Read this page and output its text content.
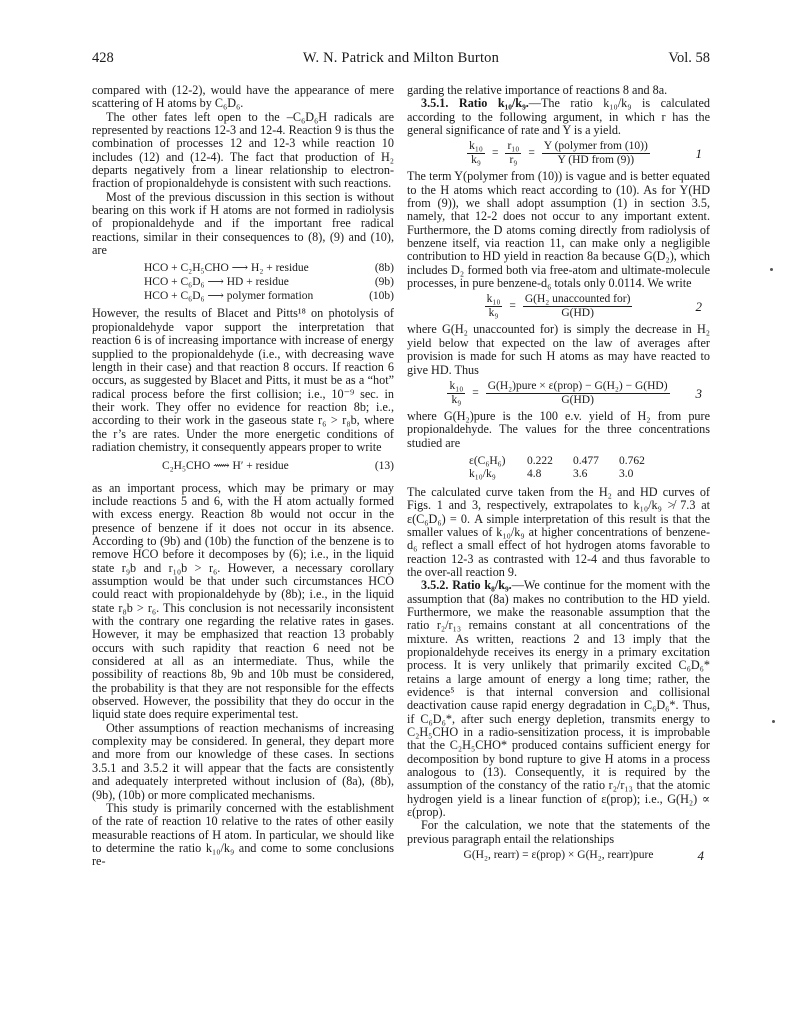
428	W. N. Patrick and Milton Burton	Vol. 58

compared with (12-2), would have the appearance of mere scattering of H atoms by C₆D₆.

The other fates left open to the –C₆D₆H radicals are represented by reactions 12-3 and 12-4. Reaction 9 is thus the combination of processes 12 and 12-3 while reaction 10 includes (12) and (12-4). The fact that production of H₂ departs negatively from a linear relationship to electron-fraction of propionaldehyde is consistent with such reactions.

Most of the previous discussion in this section is without bearing on this work if H atoms are not formed in radiolysis of propionaldehyde and if the important free radical reactions, similar in their consequences to (8), (9) and (10), are

HCO + C₂H₅CHO ⟶ H₂ + residue	(8b)
HCO + C₆D₆ ⟶ HD + residue	(9b)
HCO + C₆D₆ ⟶ polymer formation	(10b)

However, the results of Blacet and Pitts¹⁸ on photolysis of propionaldehyde vapor support the interpretation that reaction 6 is of increasing importance with increase of energy supplied to the propionaldehyde (i.e., with decreasing wave length in their case) and that reaction 8 occurs. If reaction 6 occurs, as suggested by Blacet and Pitts, it must be as a “hot” radical process before the first collision; i.e., 10⁻⁹ sec. in their work. They offer no evidence for reaction 8b; i.e., according to their work in the gaseous state r₆ > r₈b, where the r’s are rates. Under the more energetic conditions of radiation chemistry, it consequently appears proper to write

C₂H₅CHO ⟿ H′ + residue	(13)

as an important process, which may be primary or may include reactions 5 and 6, with the H atom actually formed with excess energy. Reaction 8b would not occur in the presence of benzene if it does not occur in its absence. According to (9b) and (10b) the function of the benzene is to remove HCO before it decomposes by (6); i.e., in the liquid state r₉b and r₁₀b > r₆. However, a necessary corollary assumption would be that under such circumstances HCO could react with propionaldehyde by (8b); i.e., in the liquid state r₈b > r₆. This conclusion is not necessarily inconsistent with the contrary one regarding the relative rates in gases. However, it may be emphasized that reaction 13 probably occurs with such rapidity that reaction 6 need not be considered at all as an intermediate. Thus, while the possibility of reactions 8b, 9b and 10b must be considered, the probability is that they are not responsible for the effects observed. However, the possibility that they do occur in the liquid state does require experimental test.

Other assumptions of reaction mechanisms of increasing complexity may be considered. In general, they depart more and more from our knowledge of these cases. In sections 3.5.1 and 3.5.2 it will appear that the facts are consistently and adequately interpreted without inclusion of (8a), (8b), (9b), (10b) or more complicated mechanisms.

This study is primarily concerned with the establishment of the rate of reaction 10 relative to the rates of other easily measurable reactions of H atom. In particular, we should like to determine the ratio k₁₀/k₉ and come to some conclusions re-

garding the relative importance of reactions 8 and 8a.

3.5.1. Ratio k₁₀/k₉.—The ratio k₁₀/k₉ is calculated according to the following argument, in which r has the general significance of rate and Y is a yield.

$\frac{\text{k₁₀}}{\text{k₉}} = \frac{\text{r₁₀}}{\text{r₉}} = \frac{\text{Y (polymer from (10))}}{\text{Y (HD from (9))}}$	1

The term Y(polymer from (10)) is vague and is better equated to the H atoms which react according to (10). As for Y(HD from (9)), we shall adopt assumption (1) in section 3.5, namely, that 12-2 does not occur to any important extent. Furthermore, the D atoms coming directly from radiolysis of benzene itself, via reaction 11, can make only a negligible contribution to HD yield in reaction 8a because G(D₂), which includes D₂ formed both via free-atom and ultimate-molecule processes, in pure benzene-d₆ totals only 0.0114. We write

$\frac{\text{k₁₀}}{\text{k₉}} = \frac{\text{G(H₂ unaccounted for)}}{G(HD)}$	2

where G(H₂ unaccounted for) is simply the decrease in H₂ yield below that expected on the law of averages after provision is made for such H atoms as may have reacted to give HD. Thus

$\frac{\text{k₁₀}}{\text{k₉}} = \frac{\text{G(H₂)pure × ε(prop) − G(H₂) − G(HD)}}{G(HD)} 3$

where G(H₂)pure is the 100 e.v. yield of H₂ from pure propionaldehyde. The values for the three concentrations studied are

ε(C₆H₆)	0.222	0.477	0.762
k₁₀/k₉	4.8	3.6	3.0

The calculated curve taken from the H₂ and HD curves of Figs. 1 and 3, respectively, extrapolates to k₁₀/k₉ ≯ 7.3 at ε(C₆D₆) = 0. A simple interpretation of this result is that the smaller values of k₁₀/k₉ at higher concentrations of benzene-d₆ reflect a small effect of hot hydrogen atoms favorable to reaction 12-3 as contrasted with 12-4 and thus favorable to the over-all reaction 9.

3.5.2. Ratio k₈/k₉.—We continue for the moment with the assumption that (8a) makes no contribution to the HD yield. Furthermore, we make the reasonable assumption that the ratio r₂/r₁₃ remains constant at all concentrations of the mixture. As written, reactions 2 and 13 imply that the propionaldehyde receives its energy in a primary excitation process. It is very unlikely that primarily excited C₆D₆* retains a large amount of energy a long time; rather, the evidence⁵ is that internal conversion and collisional deactivation cause rapid energy degradation in C₆D₆*. Thus, if C₆D₆*, after such energy depletion, transmits energy to C₂H₅CHO in a radio-sensitization process, it is improbable that the C₂H₅CHO* produced contains sufficient energy for decomposition by bond rupture to give H atoms in a process analogous to (13). Consequently, it is required by the assumption of the constancy of the ratio r₂/r₁₃ that the atomic hydrogen yield is a linear function of ε(prop); i.e., G(H₂) ∝ ε(prop).

For the calculation, we note that the statements of the previous paragraph entail the relationships

G(H₂, rearr) = ε(prop) × G(H₂, rearr)pure	4
